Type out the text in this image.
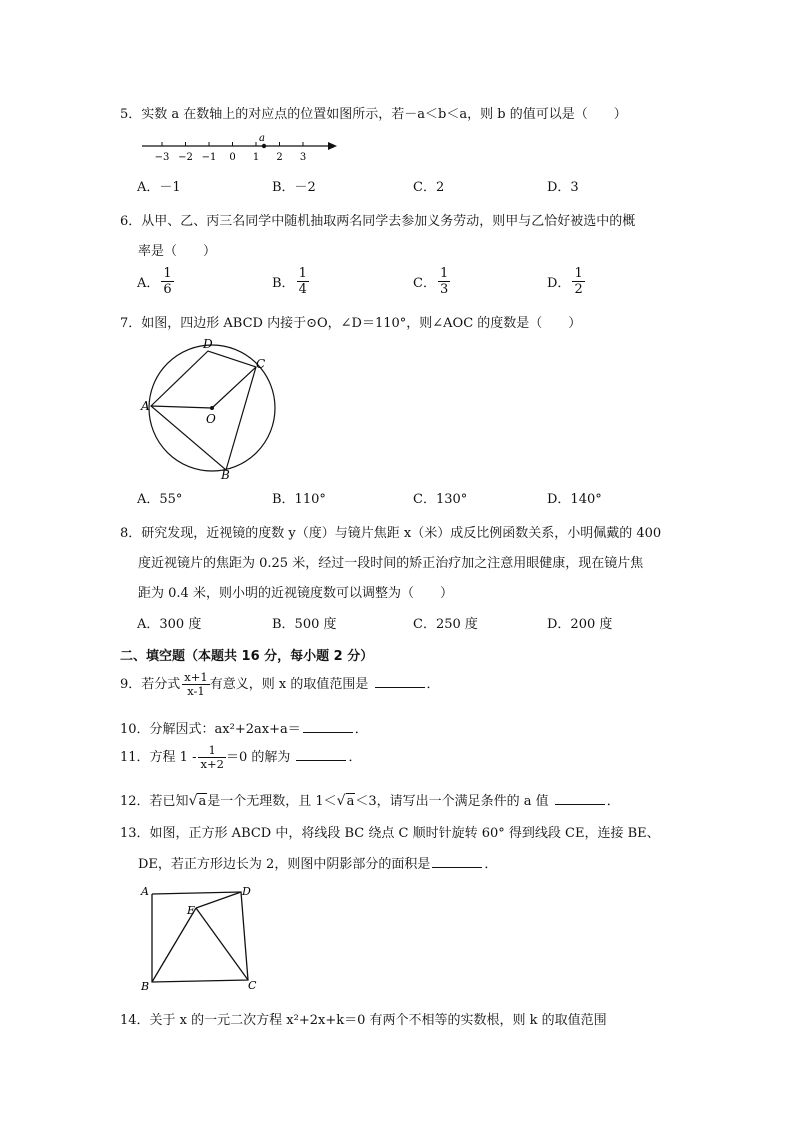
5．实数 a 在数轴上的对应点的位置如图所示，若－a＜b＜a，则 b 的值可以是（　　）
−3 −2 −1 0 1 2 3
a
A．－1	B．－2	C．2	D．3
6．从甲、乙、丙三名同学中随机抽取两名同学去参加义务劳动，则甲与乙恰好被选中的概
率是（　　）
A． $\frac{1}{6}$	B． $\frac{1}{4}$	C． $\frac{1}{3}$	D． $\frac{1}{2}$
7．如图，四边形 ABCD 内接于⊙O，∠D＝110°，则∠AOC 的度数是（　　）
A
D
C
B
O
A．55°	B．110°	C．130°	D．140°
8．研究发现，近视镜的度数 y（度）与镜片焦距 x（米）成反比例函数关系，小明佩戴的 400
度近视镜片的焦距为 0.25 米，经过一段时间的矫正治疗加之注意用眼健康，现在镜片焦
距为 0.4 米，则小明的近视镜度数可以调整为（　　）
A．300 度	B．500 度	C．250 度	D．200 度
二、填空题（本题共 16 分，每小题 2 分）
9．若分式 $\frac{x+1}{x-1}$ 有意义，则 x 的取值范围是	．
10．分解因式：ax²+2ax+a＝	．
11．方程 $1 - \frac{1}{x+2} =0$ 的解为	．
12．若已知√a是一个无理数，且 1＜√a＜3，请写出一个满足条件的 a 值	．
13．如图，正方形 ABCD 中，将线段 BC 绕点 C 顺时针旋转 60° 得到线段 CE，连接 BE、
DE，若正方形边长为 2，则图中阴影部分的面积是	．
A	D
E
B	C
14．关于 x 的一元二次方程 x²+2x+k＝0 有两个不相等的实数根，则 k 的取值范围
